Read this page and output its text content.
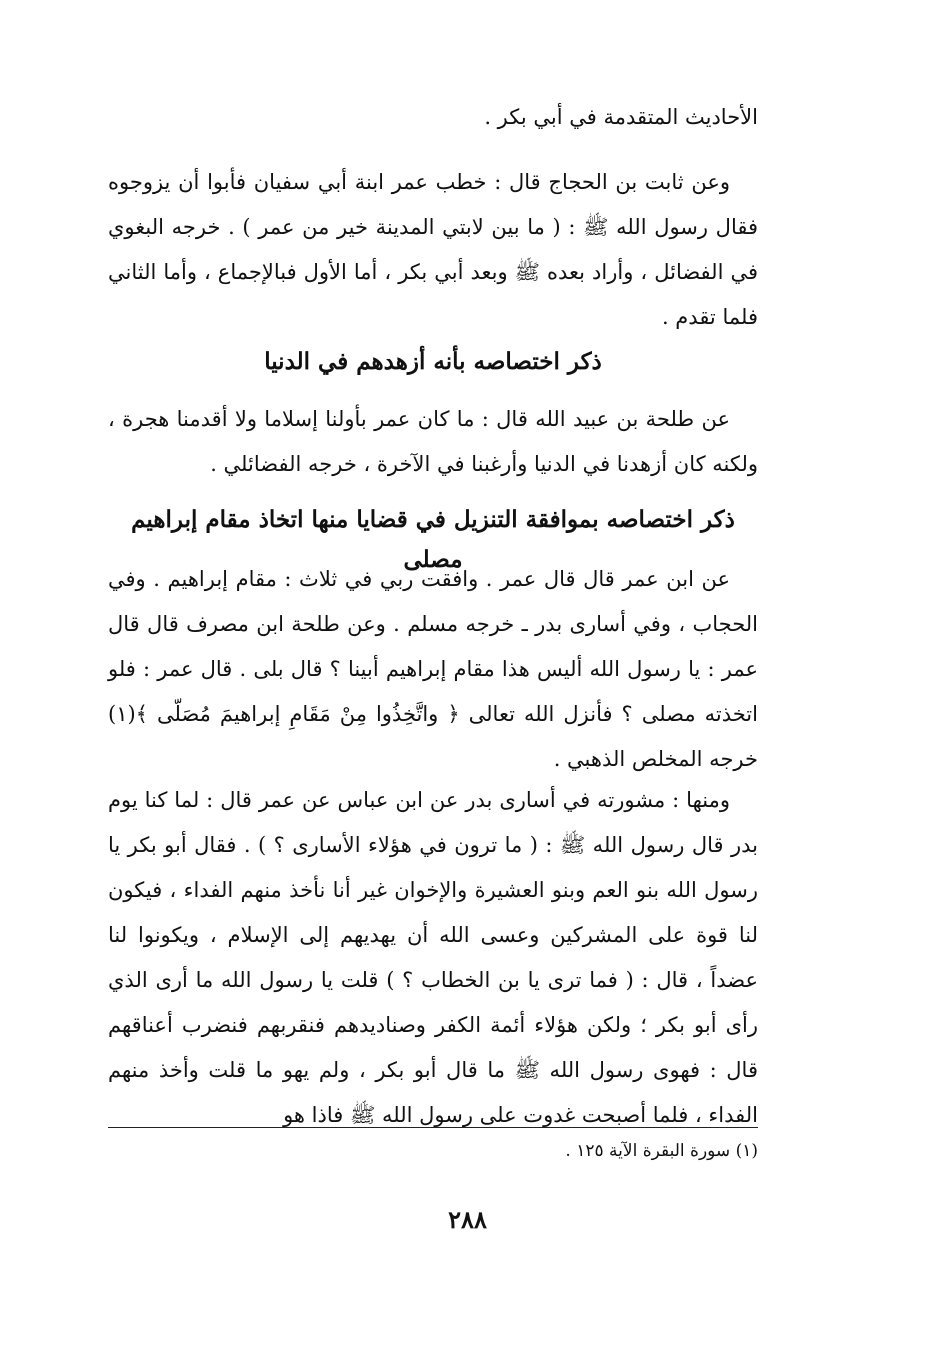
الأحاديث المتقدمة في أبي بكر .

وعن ثابت بن الحجاج قال : خطب عمر ابنة أبي سفيان فأبوا أن يزوجوه فقال رسول الله ﷺ : ( ما بين لابتي المدينة خير من عمر ) . خرجه البغوي في الفضائل ، وأراد بعده ﷺ وبعد أبي بكر ، أما الأول فبالإجماع ، وأما الثاني فلما تقدم .

ذكر اختصاصه بأنه أزهدهم في الدنيا

عن طلحة بن عبيد الله قال : ما كان عمر بأولنا إسلاما ولا أقدمنا هجرة ، ولكنه كان أزهدنا في الدنيا وأرغبنا في الآخرة ، خرجه الفضائلي .

ذكر اختصاصه بموافقة التنزيل في قضايا منها اتخاذ مقام إبراهيم مصلى

عن ابن عمر قال قال عمر . وافقت ربي في ثلاث : مقام إبراهيم . وفي الحجاب ، وفي أسارى بدر ـ خرجه مسلم . وعن طلحة ابن مصرف قال قال عمر : يا رسول الله أليس هذا مقام إبراهيم أبينا ؟ قال بلى . قال عمر : فلو اتخذته مصلى ؟ فأنزل الله تعالى ﴿ واتَّخِذُوا مِنْ مَقَامِ إبراهيمَ مُصَلّى ﴾(١) خرجه المخلص الذهبي .

ومنها : مشورته في أسارى بدر عن ابن عباس عن عمر قال : لما كنا يوم بدر قال رسول الله ﷺ : ( ما ترون في هؤلاء الأسارى ؟ ) . فقال أبو بكر يا رسول الله بنو العم وبنو العشيرة والإخوان غير أنا نأخذ منهم الفداء ، فيكون لنا قوة على المشركين وعسى الله أن يهديهم إلى الإسلام ، ويكونوا لنا عضداً ، قال : ( فما ترى يا بن الخطاب ؟ ) قلت يا رسول الله ما أرى الذي رأى أبو بكر ؛ ولكن هؤلاء أئمة الكفر وصناديدهم فنقربهم فنضرب أعناقهم قال : فهوى رسول الله ﷺ ما قال أبو بكر ، ولم يهو ما قلت وأخذ منهم الفداء ، فلما أصبحت غدوت على رسول الله ﷺ فاذا هو

(١) سورة البقرة الآية ١٢٥ .
٢٨٨
